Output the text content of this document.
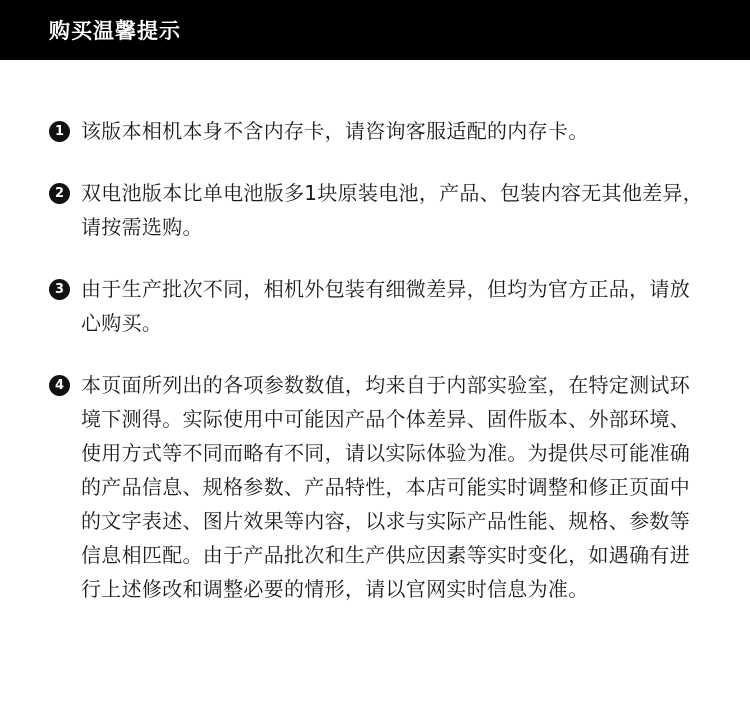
购买温馨提示
1 该版本相机本身不含内存卡，请咨询客服适配的内存卡。
2 双电池版本比单电池版多1块原装电池，产品、包装内容无其他差异，请按需选购。
3 由于生产批次不同，相机外包装有细微差异，但均为官方正品，请放心购买。
4 本页面所列出的各项参数数值，均来自于内部实验室，在特定测试环境下测得。实际使用中可能因产品个体差异、固件版本、外部环境、使用方式等不同而略有不同，请以实际体验为准。为提供尽可能准确的产品信息、规格参数、产品特性，本店可能实时调整和修正页面中的文字表述、图片效果等内容，以求与实际产品性能、规格、参数等信息相匹配。由于产品批次和生产供应因素等实时变化，如遇确有进行上述修改和调整必要的情形，请以官网实时信息为准。
